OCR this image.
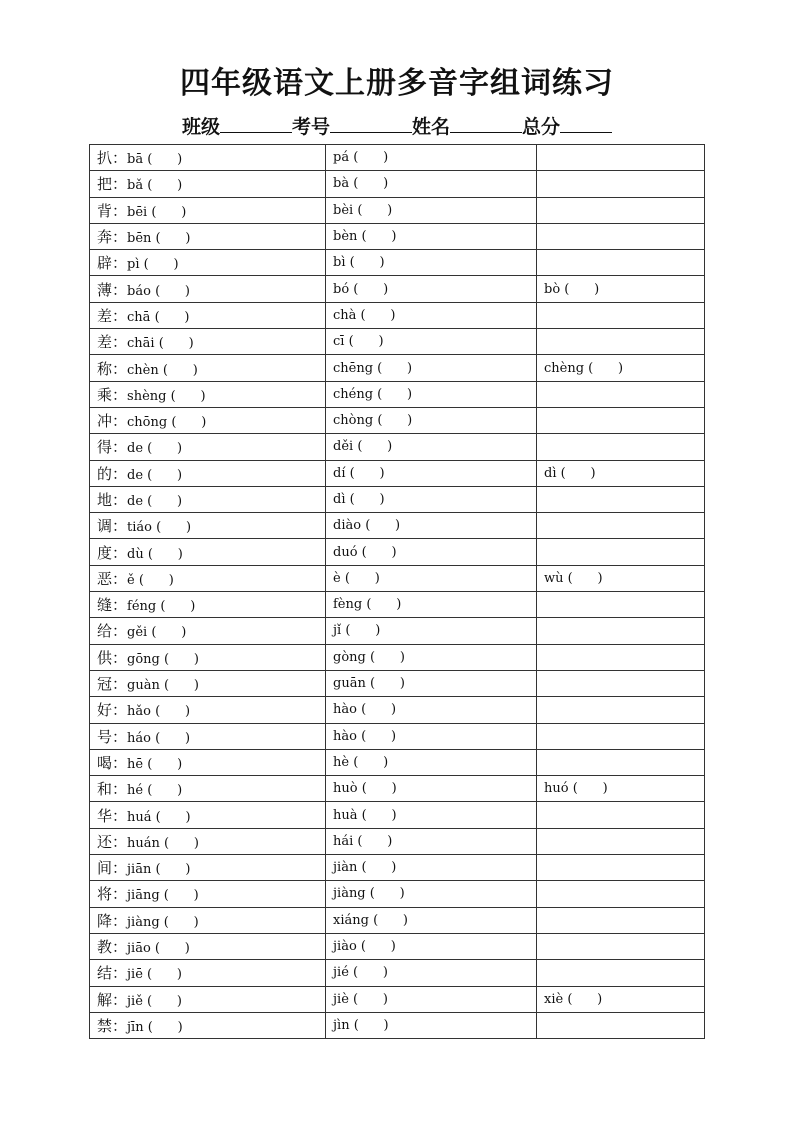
四年级语文上册多音字组词练习
班级	考号	姓名	总分
扒：bā (      )	pá (      )	
把：bǎ (      )	bà (      )	
背：bēi (      )	bèi (      )	
奔：bēn (      )	bèn (      )	
辟：pì (      )	bì (      )	
薄：báo (      )	bó (      )	bò (      )
差：chā (      )	chà (      )	
差：chāi (      )	cī (      )	
称：chèn (      )	chēng (      )	chèng (      )
乘：shèng (      )	chéng (      )	
冲：chōng (      )	chòng (      )	
得：de (      )	děi (      )	
的：de (      )	dí (      )	dì (      )
地：de (      )	dì (      )	
调：tiáo (      )	diào (      )	
度：dù (      )	duó (      )	
恶：ě (      )	è (      )	wù (      )
缝：féng (      )	fèng (      )	
给：gěi (      )	jǐ (      )	
供：gōng (      )	gòng (      )	
冠：guàn (      )	guān (      )	
好：hǎo (      )	hào (      )	
号：háo (      )	hào (      )	
喝：hē (      )	hè (      )	
和：hé (      )	huò (      )	huó (      )
华：huá (      )	huà (      )	
还：huán (      )	hái (      )	
间：jiān (      )	jiàn (      )	
将：jiāng (      )	jiàng (      )	
降：jiàng (      )	xiáng (      )	
教：jiāo (      )	jiào (      )	
结：jiē (      )	jié (      )	
解：jiě (      )	jiè (      )	xiè (      )
禁：jīn (      )	jìn (      )	
